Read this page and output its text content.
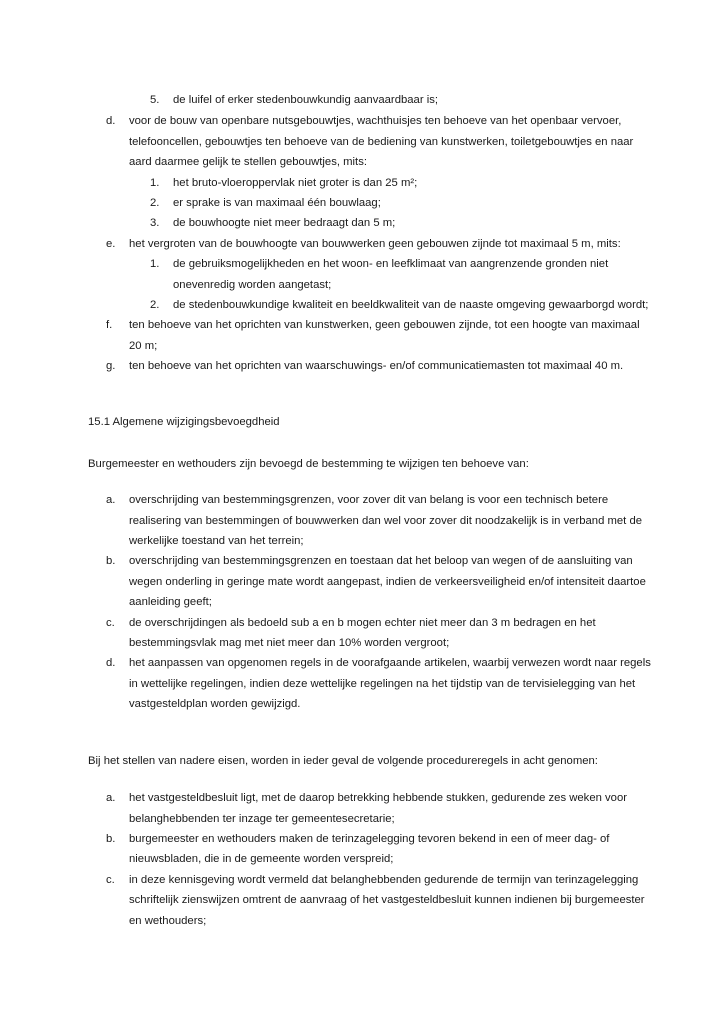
5. de luifel of erker stedenbouwkundig aanvaardbaar is;
d. voor de bouw van openbare nutsgebouwtjes, wachthuisjes ten behoeve van het openbaar vervoer,
telefooncellen, gebouwtjes ten behoeve van de bediening van kunstwerken, toiletgebouwtjes en naar
aard daarmee gelijk te stellen gebouwtjes, mits:
1. het bruto-vloeroppervlak niet groter is dan 25 m²;
2. er sprake is van maximaal één bouwlaag;
3. de bouwhoogte niet meer bedraagt dan 5 m;
e. het vergroten van de bouwhoogte van bouwwerken geen gebouwen zijnde tot maximaal 5 m, mits:
1. de gebruiksmogelijkheden en het woon- en leefklimaat van aangrenzende gronden niet
onevenredig worden aangetast;
2. de stedenbouwkundige kwaliteit en beeldkwaliteit van de naaste omgeving gewaarborgd wordt;
f. ten behoeve van het oprichten van kunstwerken, geen gebouwen zijnde, tot een hoogte van maximaal
20 m;
g. ten behoeve van het oprichten van waarschuwings- en/of communicatiemasten tot maximaal 40 m.
15.1 Algemene wijzigingsbevoegdheid
Burgemeester en wethouders zijn bevoegd de bestemming te wijzigen ten behoeve van:
a. overschrijding van bestemmingsgrenzen, voor zover dit van belang is voor een technisch betere
realisering van bestemmingen of bouwwerken dan wel voor zover dit noodzakelijk is in verband met de
werkelijke toestand van het terrein;
b. overschrijding van bestemmingsgrenzen en toestaan dat het beloop van wegen of de aansluiting van
wegen onderling in geringe mate wordt aangepast, indien de verkeersveiligheid en/of intensiteit daartoe
aanleiding geeft;
c. de overschrijdingen als bedoeld sub a en b mogen echter niet meer dan 3 m bedragen en het
bestemmingsvlak mag met niet meer dan 10% worden vergroot;
d. het aanpassen van opgenomen regels in de voorafgaande artikelen, waarbij verwezen wordt naar regels
in wettelijke regelingen, indien deze wettelijke regelingen na het tijdstip van de tervisielegging van het
vastgesteldplan worden gewijzigd.
Bij het stellen van nadere eisen, worden in ieder geval de volgende procedureregels in acht genomen:
a. het vastgesteldbesluit ligt, met de daarop betrekking hebbende stukken, gedurende zes weken voor
belanghebbenden ter inzage ter gemeentesecretarie;
b. burgemeester en wethouders maken de terinzagelegging tevoren bekend in een of meer dag- of
nieuwsbladen, die in de gemeente worden verspreid;
c. in deze kennisgeving wordt vermeld dat belanghebbenden gedurende de termijn van terinzagelegging
schriftelijk zienswijzen omtrent de aanvraag of het vastgesteldbesluit kunnen indienen bij burgemeester
en wethouders;
